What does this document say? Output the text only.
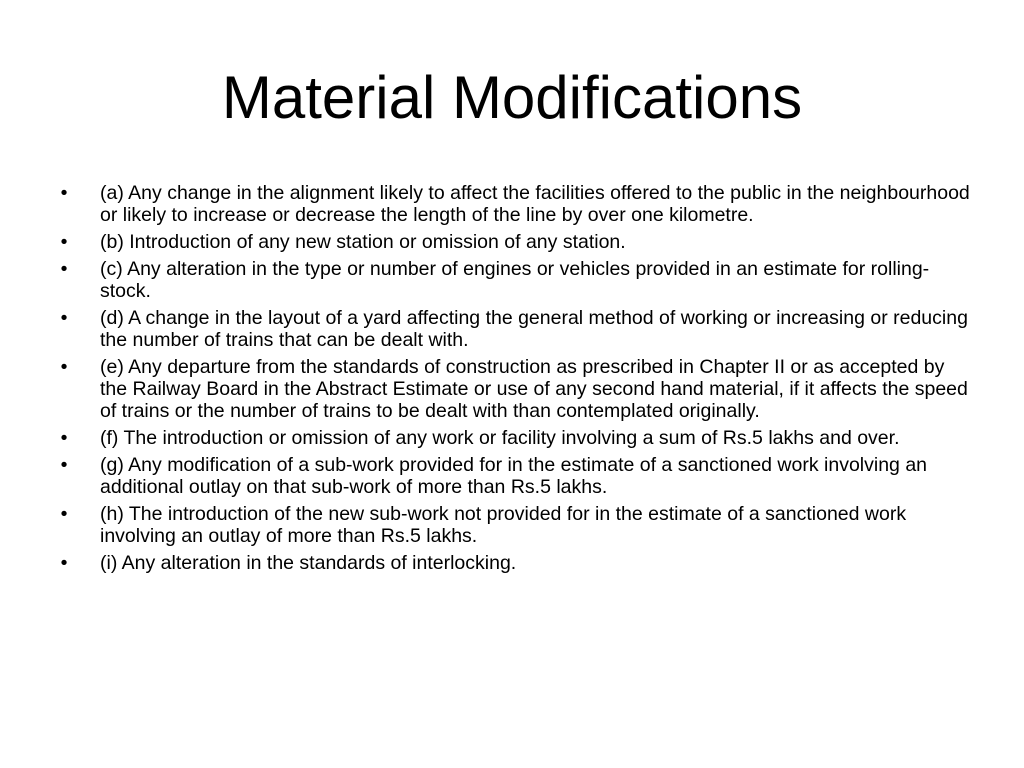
Material Modifications
• (a) Any change in the alignment likely to affect the facilities offered to the public in the neighbourhood or likely to increase or decrease the length of the line by over one kilometre.
• (b) Introduction of any new station or omission of any station.
• (c) Any alteration in the type or number of engines or vehicles provided in an estimate for rolling-stock.
• (d) A change in the layout of a yard affecting the general method of working or increasing or reducing the number of trains that can be dealt with.
• (e) Any departure from the standards of construction as prescribed in Chapter II or as accepted by the Railway Board in the Abstract Estimate or use of any second hand material, if it affects the speed of trains or the number of trains to be dealt with than contemplated originally.
• (f) The introduction or omission of any work or facility involving a sum of Rs.5 lakhs and over.
• (g) Any modification of a sub-work provided for in the estimate of a sanctioned work involving an additional outlay on that sub-work of more than Rs.5 lakhs.
• (h) The introduction of the new sub-work not provided for in the estimate of a sanctioned work involving an outlay of more than Rs.5 lakhs.
• (i) Any alteration in the standards of interlocking.
